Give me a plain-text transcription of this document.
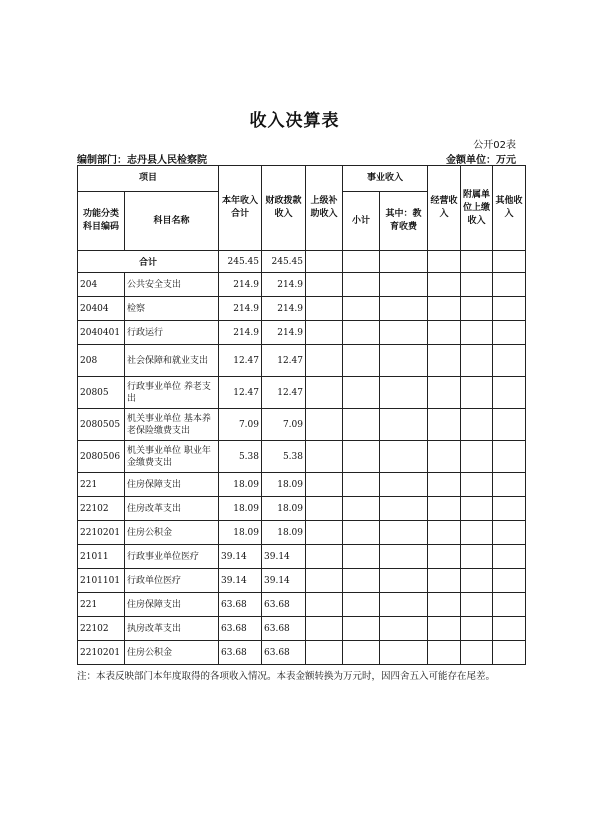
收入决算表
公开02表
编制部门：志丹县人民检察院	金额单位：万元
项目		本年收入合计	财政拨款收入	上级补助收入	事业收入		经营收入	附属单位上缴收入	其他收入
功能分类科目编码	科目名称				小计	其中：教育收费			

合计		245.45	245.45						
204	公共安全支出	214.9	214.9						
20404	检察	214.9	214.9						
2040401	行政运行	214.9	214.9						
208	社会保障和就业支出	12.47	12.47						
20805	行政事业单位 养老支出	12.47	12.47						
2080505	机关事业单位 基本养老保险缴费支出	7.09	7.09						
2080506	机关事业单位 职业年金缴费支出	5.38	5.38						
221	住房保障支出	18.09	18.09						
22102	住房改革支出	18.09	18.09						
2210201	住房公积金	18.09	18.09						
21011	行政事业单位医疗	39.14	39.14						
2101101	行政单位医疗	39.14	39.14						
221	住房保障支出	63.68	63.68						
22102	执房改革支出	63.68	63.68						
2210201	住房公积金	63.68	63.68						
注：本表反映部门本年度取得的各项收入情况。本表金额转换为万元时，因四舍五入可能存在尾差。
